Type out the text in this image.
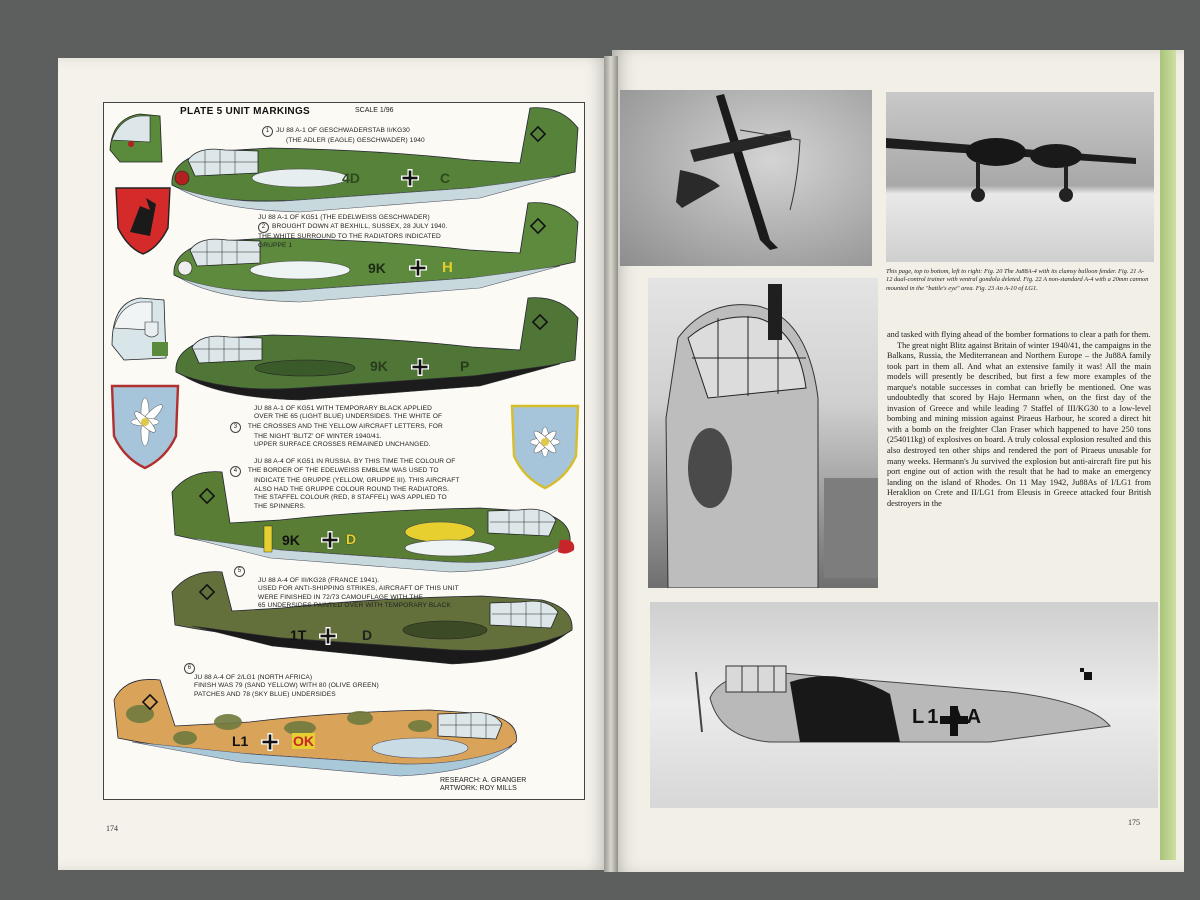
PLATE 5 UNIT MARKINGS	SCALE 1/96
4D	C
9K	H
9K	P
9K	D
1T	D
L1	OK
1 JU 88 A-1 OF GESCHWADERSTAB II/KG30
(THE ADLER (EAGLE) GESCHWADER) 1940
JU 88 A-1 OF KG51 (THE EDELWEISS GESCHWADER)
2 BROUGHT DOWN AT BEXHILL, SUSSEX, 28 JULY 1940.
THE WHITE SURROUND TO THE RADIATORS INDICATED
GRUPPE 1
JU 88 A-1 OF KG51 WITH TEMPORARY BLACK APPLIED
OVER THE 65 (LIGHT BLUE) UNDERSIDES. THE WHITE OF
3 THE CROSSES AND THE YELLOW AIRCRAFT LETTERS, FOR
THE NIGHT 'BLITZ' OF WINTER 1940/41.
UPPER SURFACE CROSSES REMAINED UNCHANGED.
JU 88 A-4 OF KG51 IN RUSSIA. BY THIS TIME THE COLOUR OF
4 THE BORDER OF THE EDELWEISS EMBLEM WAS USED TO
INDICATE THE GRUPPE (YELLOW, GRUPPE III). THIS AIRCRAFT
ALSO HAD THE GRUPPE COLOUR ROUND THE RADIATORS.
THE STAFFEL COLOUR (RED, 8 STAFFEL) WAS APPLIED TO
THE SPINNERS.
5
JU 88 A-4 OF III/KG28 (FRANCE 1941).
USED FOR ANTI-SHIPPING STRIKES, AIRCRAFT OF THIS UNIT
WERE FINISHED IN 72/73 CAMOUFLAGE WITH THE
65 UNDERSIDES PAINTED OVER WITH TEMPORARY BLACK
6
JU 88 A-4 OF 2/LG1 (NORTH AFRICA)
FINISH WAS 79 (SAND YELLOW) WITH 80 (OLIVE GREEN)
PATCHES AND 78 (SKY BLUE) UNDERSIDES
RESEARCH: A. GRANGER
ARTWORK: ROY MILLS
174
L1 AA
This page, top to bottom, left to right: Fig. 20 The Ju88A-4 with its clumsy balloon fender. Fig. 21 A-12 dual-control trainer with ventral gondola deleted. Fig. 22 A non-standard A-4 with a 20mm cannon mounted in the "battle's eye" area. Fig. 23 An A-10 of LG1.

and tasked with flying ahead of the bomber formations to clear a path for them.

The great night Blitz against Britain of winter 1940/41, the campaigns in the Balkans, Russia, the Mediterranean and Northern Europe – the Ju88A family took part in them all. And what an extensive family it was! All the main models will presently be described, but first a few more examples of the marque's notable successes in combat can briefly be mentioned. One was undoubtedly that scored by Hajo Hermann when, on the first day of the invasion of Greece and while leading 7 Staffel of III/KG30 to a low-level bombing and mining mission against Piraeus Harbour, he scored a direct hit with a bomb on the freighter Clan Fraser which happened to have 250 tons (254011kg) of explosives on board. A truly colossal explosion resulted and this also destroyed ten other ships and rendered the port of Piraeus unusable for many weeks. Hermann's Ju survived the explosion but anti-aircraft fire put his port engine out of action with the result that he had to make an emergency landing on the island of Rhodes. On 11 May 1942, Ju88As of I/LG1 from Heraklion on Crete and II/LG1 from Eleusis in Greece attacked four British destroyers in the

175
